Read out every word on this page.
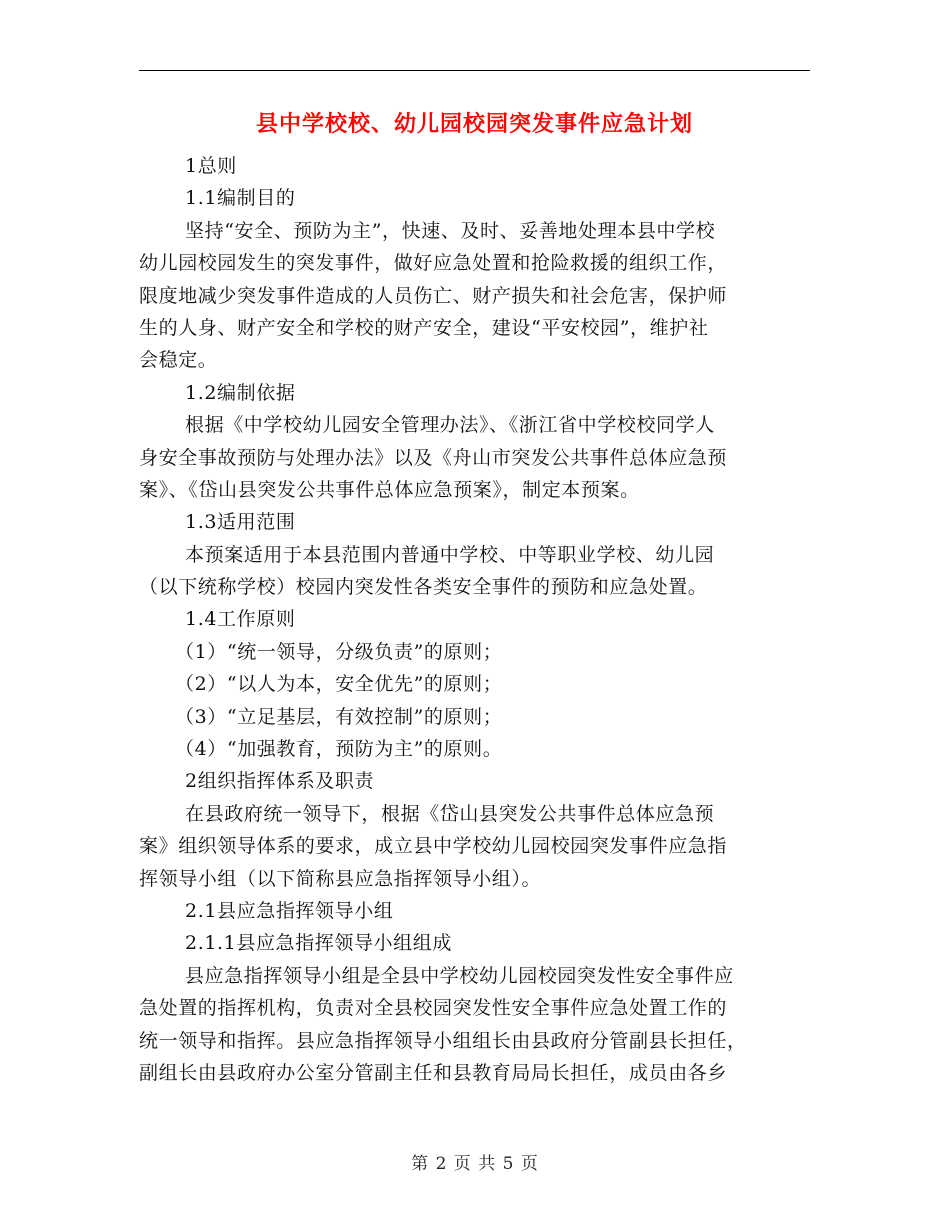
县中学校校、幼儿园校园突发事件应急计划
1总则
1.1编制目的
坚持“安全、预防为主”，快速、及时、妥善地处理本县中学校
幼儿园校园发生的突发事件，做好应急处置和抢险救援的组织工作，
限度地减少突发事件造成的人员伤亡、财产损失和社会危害，保护师
生的人身、财产安全和学校的财产安全，建设“平安校园”，维护社
会稳定。
1.2编制依据
根据《中学校幼儿园安全管理办法》、《浙江省中学校校同学人
身安全事故预防与处理办法》以及《舟山市突发公共事件总体应急预
案》、《岱山县突发公共事件总体应急预案》，制定本预案。
1.3适用范围
本预案适用于本县范围内普通中学校、中等职业学校、幼儿园
（以下统称学校）校园内突发性各类安全事件的预防和应急处置。
1.4工作原则
（1）“统一领导，分级负责”的原则；
（2）“以人为本，安全优先”的原则；
（3）“立足基层，有效控制”的原则；
（4）“加强教育，预防为主”的原则。
2组织指挥体系及职责
在县政府统一领导下，根据《岱山县突发公共事件总体应急预
案》组织领导体系的要求，成立县中学校幼儿园校园突发事件应急指
挥领导小组（以下简称县应急指挥领导小组）。
2.1县应急指挥领导小组
2.1.1县应急指挥领导小组组成
县应急指挥领导小组是全县中学校幼儿园校园突发性安全事件应
急处置的指挥机构，负责对全县校园突发性安全事件应急处置工作的
统一领导和指挥。县应急指挥领导小组组长由县政府分管副县长担任，
副组长由县政府办公室分管副主任和县教育局局长担任，成员由各乡
第 2 页 共 5 页
